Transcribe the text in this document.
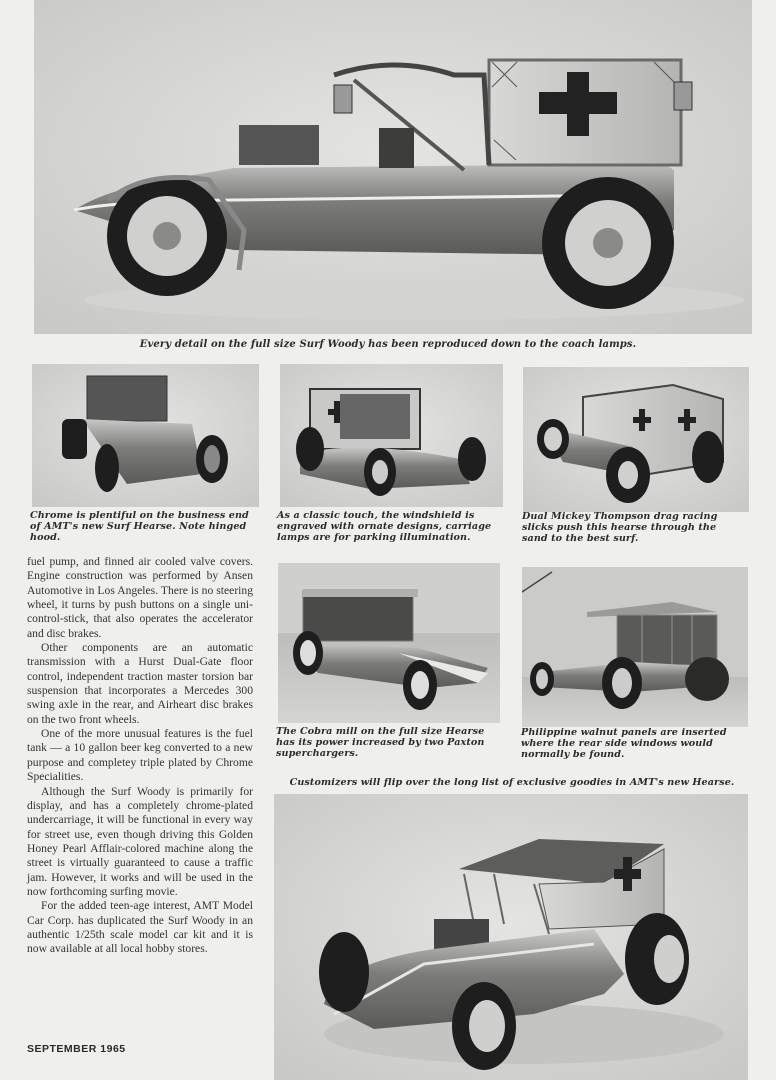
Every detail on the full size Surf Woody has been reproduced down to the coach lamps.
Chrome is plentiful on the business end of AMT's new Surf Hearse. Note hinged hood.
As a classic touch, the windshield is engraved with ornate designs, carriage lamps are for parking illumination.
Dual Mickey Thompson drag racing slicks push this hearse through the sand to the best surf.

fuel pump, and finned air cooled valve covers. Engine construction was performed by Ansen Automotive in Los Angeles. There is no steering wheel, it turns by push buttons on a single uni-control-stick, that also operates the accelerator and disc brakes.

Other components are an automatic transmission with a Hurst Dual-Gate floor control, independent traction master torsion bar suspension that incorporates a Mercedes 300 swing axle in the rear, and Airheart disc brakes on the two front wheels.

One of the more unusual features is the fuel tank — a 10 gallon beer keg converted to a new purpose and completey triple plated by Chrome Specialities.

Although the Surf Woody is primarily for display, and has a completely chrome-plated undercarriage, it will be functional in every way for street use, even though driving this Golden Honey Pearl Afflair-colored machine along the street is virtually guaranteed to cause a traffic jam. However, it works and will be used in the now forthcoming surfing movie.

For the added teen-age interest, AMT Model Car Corp. has duplicated the Surf Woody in an authentic 1/25th scale model car kit and it is now available at all local hobby stores.

The Cobra mill on the full size Hearse has its power increased by two Paxton superchargers.
Philippine walnut panels are inserted where the rear side windows would normally be found.
Customizers will flip over the long list of exclusive goodies in AMT's new Hearse.
SEPTEMBER 1965
